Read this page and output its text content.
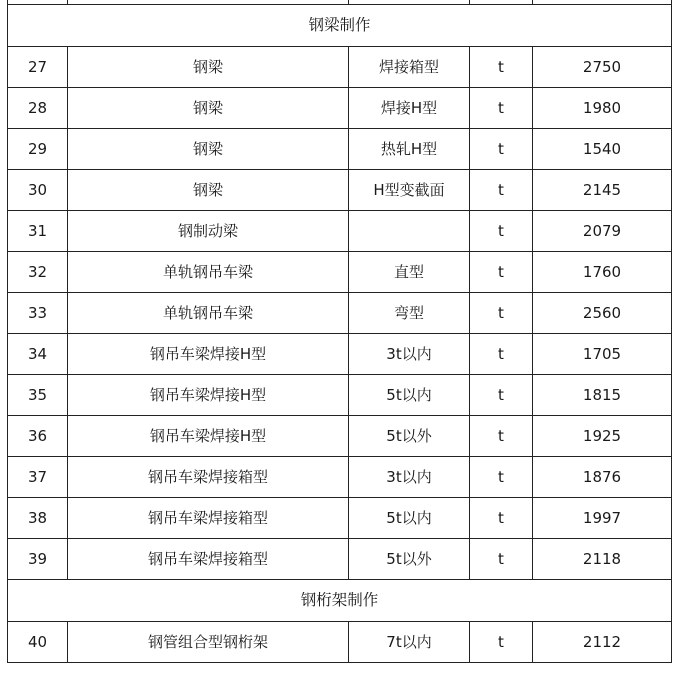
钢梁制作				
27	钢梁	焊接箱型	t	2750
28	钢梁	焊接H型	t	1980
29	钢梁	热轧H型	t	1540
30	钢梁	H型变截面	t	2145
31	钢制动梁		t	2079
32	单轨钢吊车梁	直型	t	1760
33	单轨钢吊车梁	弯型	t	2560
34	钢吊车梁焊接H型	3t以内	t	1705
35	钢吊车梁焊接H型	5t以内	t	1815
36	钢吊车梁焊接H型	5t以外	t	1925
37	钢吊车梁焊接箱型	3t以内	t	1876
38	钢吊车梁焊接箱型	5t以内	t	1997
39	钢吊车梁焊接箱型	5t以外	t	2118
钢桁架制作				
40	钢管组合型钢桁架	7t以内	t	2112
